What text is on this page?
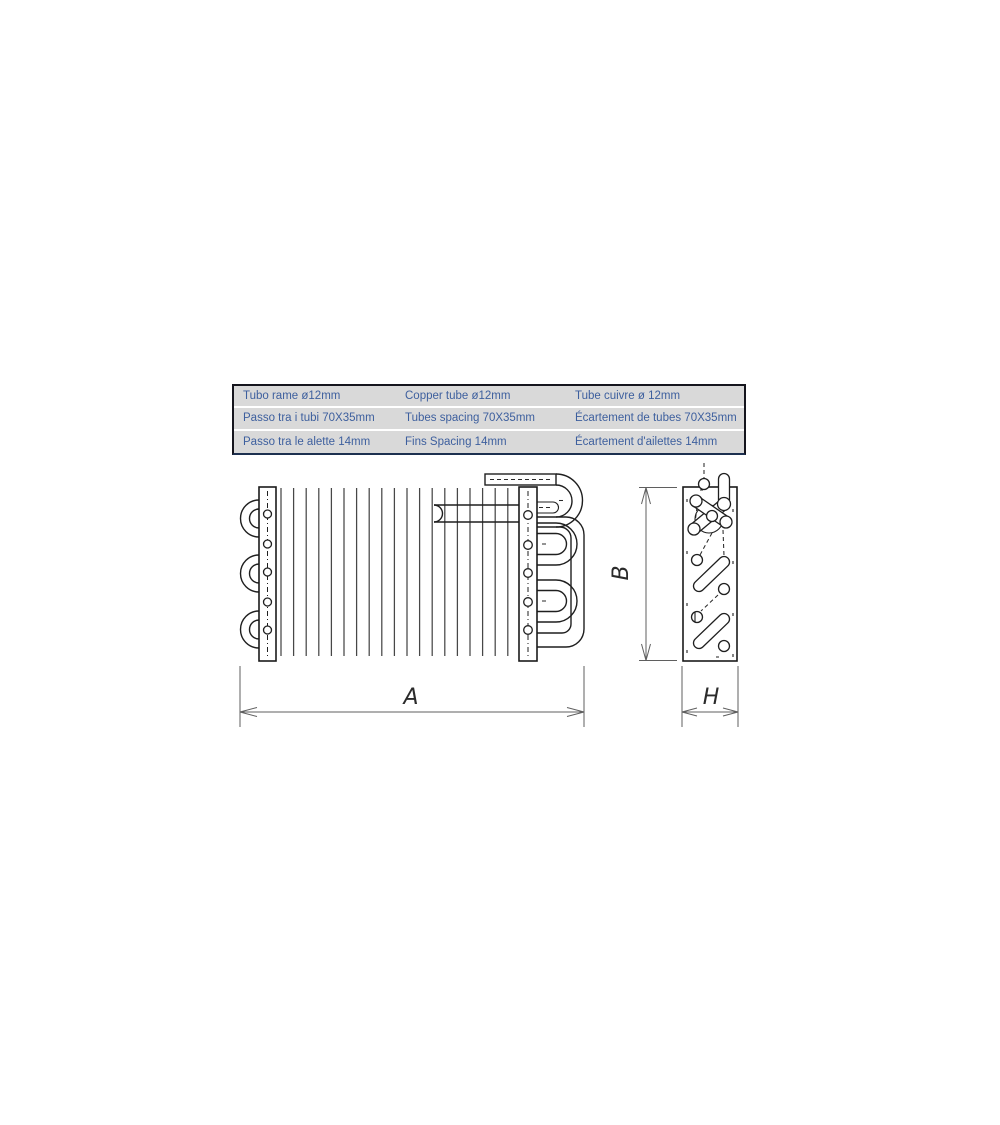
Tubo rame ø12mm	Copper tube ø12mm	Tube cuivre ø 12mm
Passo tra i tubi 70X35mm	Tubes spacing 70X35mm	Écartement de tubes 70X35mm
Passo tra le alette 14mm	Fins Spacing 14mm	Écartement d'ailettes 14mm
A	H
B
